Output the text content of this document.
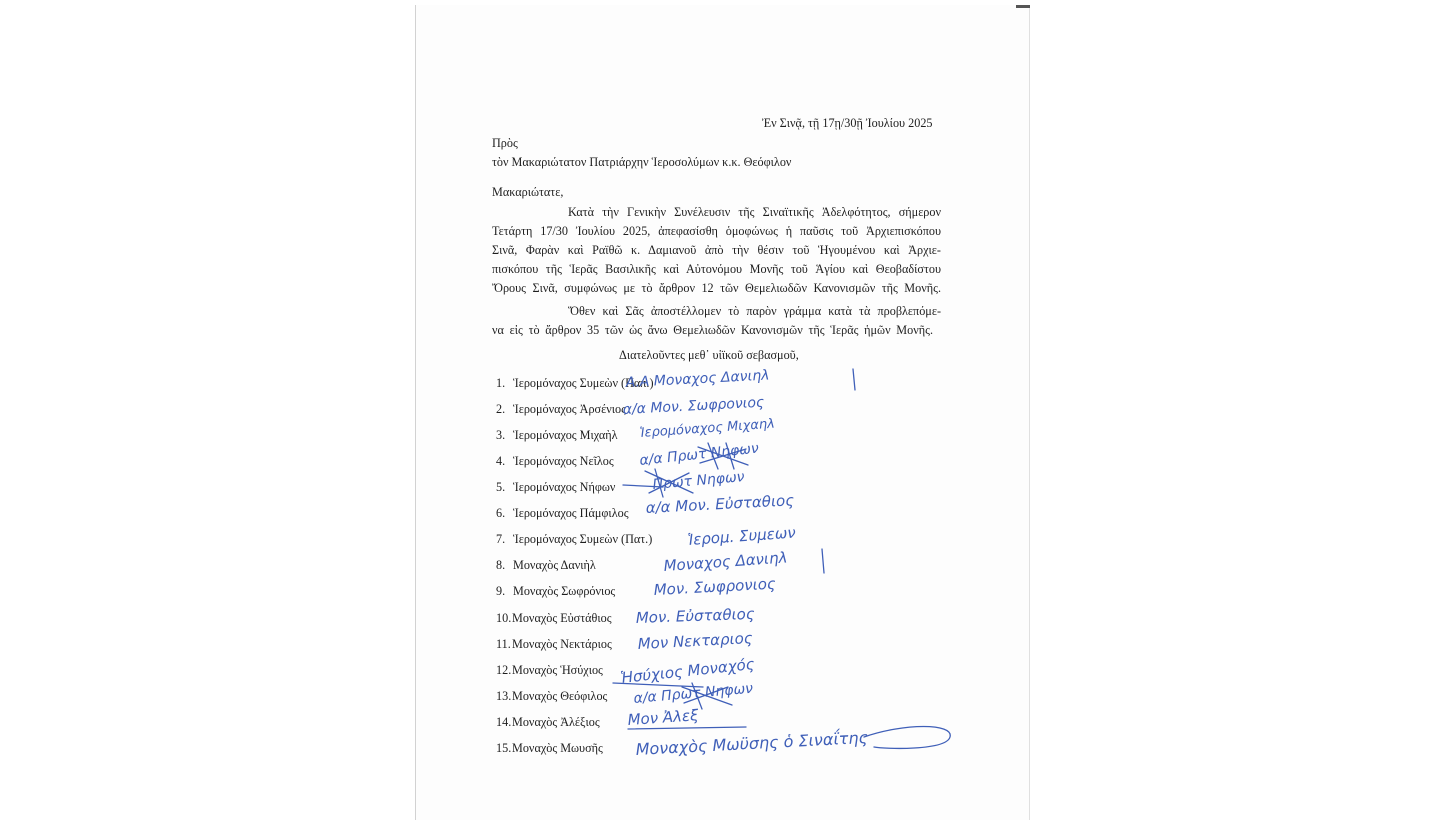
Ἐν Σινᾷ, τῇ 17ῃ/30ῇ Ἰουλίου 2025
Πρὸς
τὸν Μακαριώτατον Πατριάρχην Ἱεροσολύμων κ.κ. Θεόφιλον
Μακαριώτατε,
Κατὰ τὴν Γενικὴν Συνέλευσιν τῆς Σιναϊτικῆς Ἀδελφότητος, σήμερον
Τετάρτη 17/30 Ἰουλίου 2025, ἀπεφασίσθη ὁμοφώνως ἡ παῦσις τοῦ Ἀρχιεπισκόπου
Σινᾶ, Φαρὰν καὶ Ραϊθῶ κ. Δαμιανοῦ ἀπὸ τὴν θέσιν τοῦ Ἡγουμένου καὶ Ἀρχιε-
πισκόπου τῆς Ἱερᾶς Βασιλικῆς καὶ Αὐτονόμου Μονῆς τοῦ Ἁγίου καὶ Θεοβαδίστου
Ὄρους Σινᾶ, συμφώνως με τὸ ἄρθρον 12 τῶν Θεμελιωδῶν Κανονισμῶν τῆς Μονῆς.
Ὅθεν καὶ Σᾶς ἀποστέλλομεν τὸ παρὸν γράμμα κατὰ τὰ προβλεπόμε-
να εἰς τὸ ἄρθρον 35 τῶν ὡς ἄνω Θεμελιωδῶν Κανονισμῶν τῆς Ἱερᾶς ἡμῶν Μονῆς.
Διατελοῦντες μεθ᾿ υἱϊκοῦ σεβασμοῦ,
1. Ἱερομόναχος Συμεὼν (Παπ.)
2. Ἱερομόναχος Ἀρσένιος
3. Ἱερομόναχος Μιχαὴλ
4. Ἱερομόναχος Νεῖλος
5. Ἱερομόναχος Νήφων
6. Ἱερομόναχος Πάμφιλος
7. Ἱερομόναχος Συμεὼν (Πατ.)
8. Μοναχὸς Δανιὴλ
9. Μοναχὸς Σωφρόνιος
10. Μοναχὸς Εὐστάθιος
11. Μοναχὸς Νεκτάριος
12. Μοναχὸς Ἡσύχιος
13. Μοναχὸς Θεόφιλος
14. Μοναχὸς Ἀλέξιος
15. Μοναχὸς Μωυσῆς
Α.Α Μοναχος Δανιηλ
α/α Μον. Σωφρονιος
Ἱερομόναχος Μιχαηλ
α/α Πρωτ Νηφων
Πρωτ Νηφων
α/α Μον. Εὐσταθιος
Ἱερομ. Συμεων
Μοναχος Δανιηλ
Μον. Σωφρονιος
Μον. Εὐσταθιος
Μον Νεκταριος
Ἡσύχιος Μοναχός
α/α Πρωτ Νηφων
Μον Ἀλεξ
Μοναχὸς Μωϋσης ὁ Σιναΐτης
